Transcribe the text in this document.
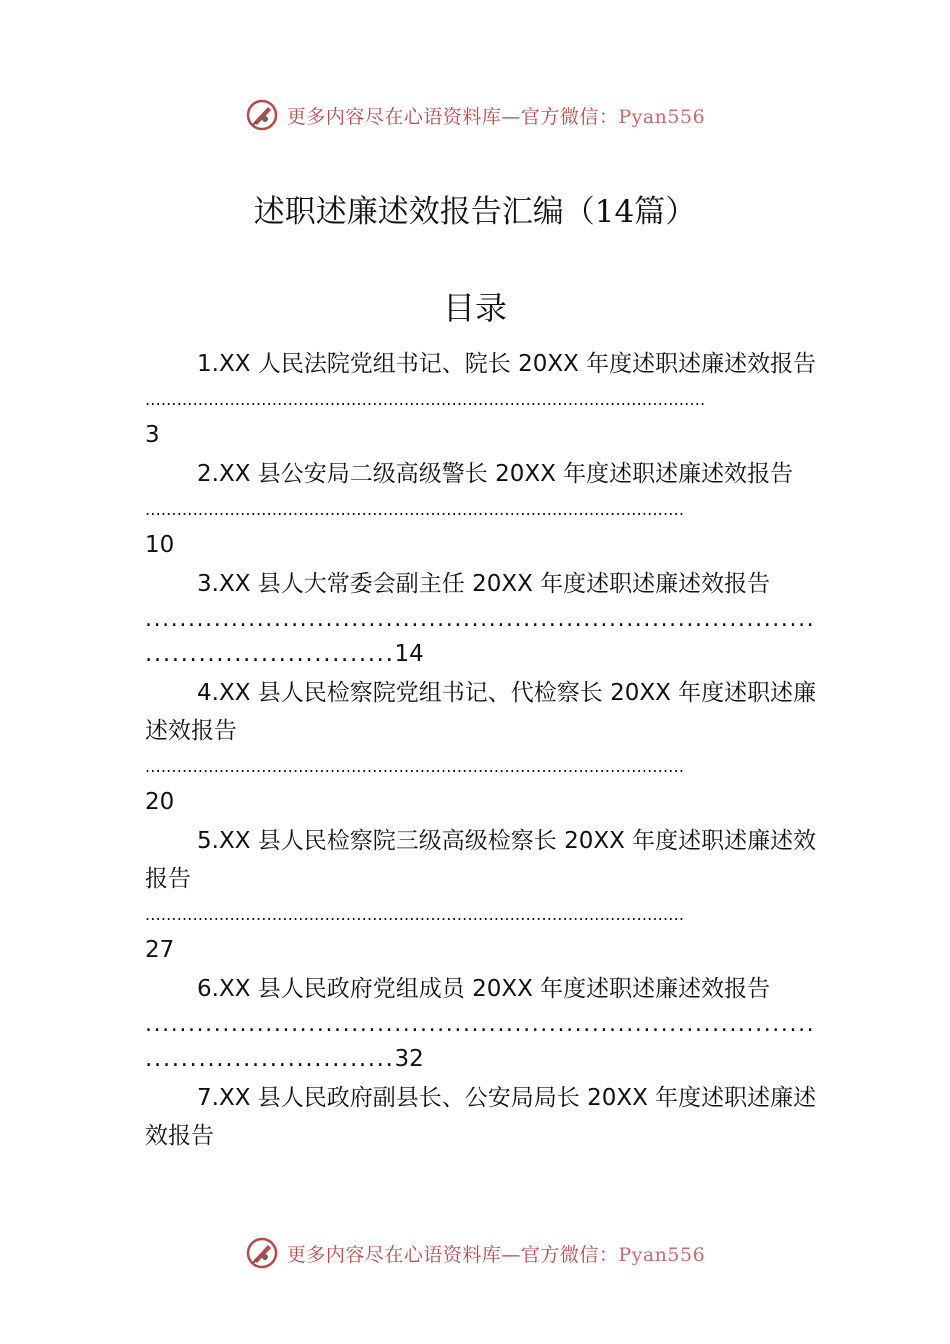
更多内容尽在心语资料库—官方微信：Pyan556
述职述廉述效报告汇编（14篇）
目录
1.XX 人民法院党组书记、院长 20XX 年度述职述廉述效报告
..........................................................................................................
3
2.XX 县公安局二级高级警长 20XX 年度述职述廉述效报告
......................................................................................................
10
3.XX 县人大常委会副主任 20XX 年度述职述廉述效报告
..............................................................................
............................14
4.XX 县人民检察院党组书记、代检察长 20XX 年度述职述廉述效报告
......................................................................................................
20
5.XX 县人民检察院三级高级检察长 20XX 年度述职述廉述效报告
......................................................................................................
27
6.XX 县人民政府党组成员 20XX 年度述职述廉述效报告
..............................................................................
............................32
7.XX 县人民政府副县长、公安局局长 20XX 年度述职述廉述效报告
更多内容尽在心语资料库—官方微信：Pyan556
